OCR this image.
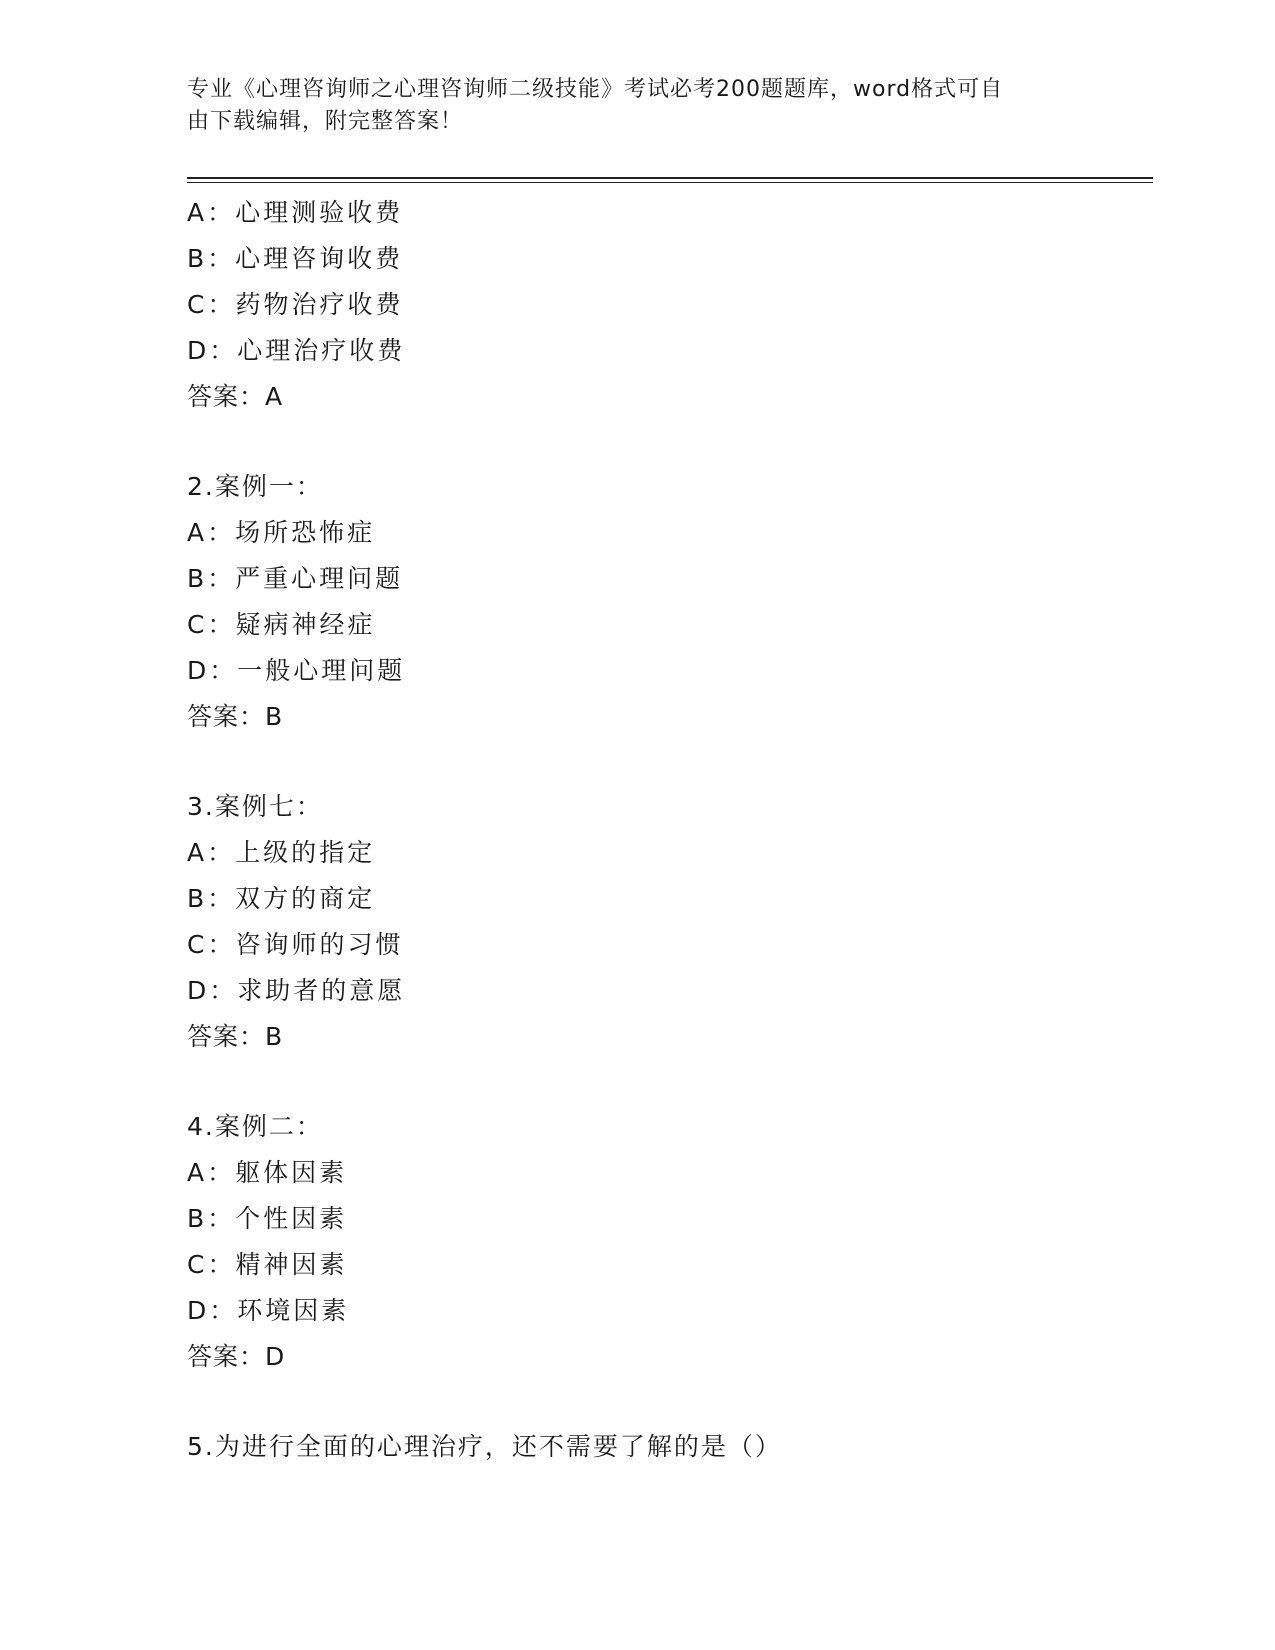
专业《心理咨询师之心理咨询师二级技能》考试必考200题题库，word格式可自
由下载编辑，附完整答案！
A：心理测验收费
B：心理咨询收费
C：药物治疗收费
D：心理治疗收费
答案：A
2.案例一：
A：场所恐怖症
B：严重心理问题
C：疑病神经症
D：一般心理问题
答案：B
3.案例七：
A：上级的指定
B：双方的商定
C：咨询师的习惯
D：求助者的意愿
答案：B
4.案例二：
A：躯体因素
B：个性因素
C：精神因素
D：环境因素
答案：D
5.为进行全面的心理治疗，还不需要了解的是（）
